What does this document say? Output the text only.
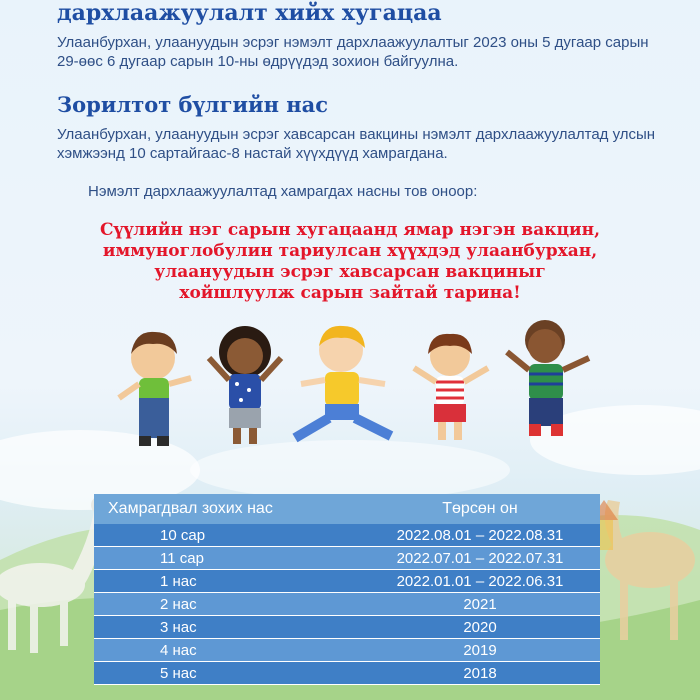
дархлаажуулалт хийх хугацаа

Улаанбурхан, улаануудын эсрэг нэмэлт дархлаажуулалтыг 2023 оны 5 дугаар сарын 29-өөс 6 дугаар сарын 10-ны өдрүүдэд зохион байгуулна.

Зорилтот бүлгийн нас

Улаанбурхан, улаануудын эсрэг хавсарсан вакцины нэмэлт дархлаажуулалтад улсын хэмжээнд 10 сартайгаас-8 настай хүүхдүүд хамрагдана.

Нэмэлт дархлаажуулалтад хамрагдах насны тов оноор:

Сүүлийн нэг сарын хугацаанд ямар нэгэн вакцин,
иммуноглобулин тариулсан хүүхдэд улаанбурхан,
улаануудын эсрэг хавсарсан вакциныг
хойшлуулж сарын зайтай тарина!
Хамрагдвал зохих нас	Төрсөн он
10 сар	2022.08.01 – 2022.08.31
11 сар	2022.07.01 – 2022.07.31
1 нас	2022.01.01 – 2022.06.31
2 нас	2021
3 нас	2020
4 нас	2019
5 нас	2018
